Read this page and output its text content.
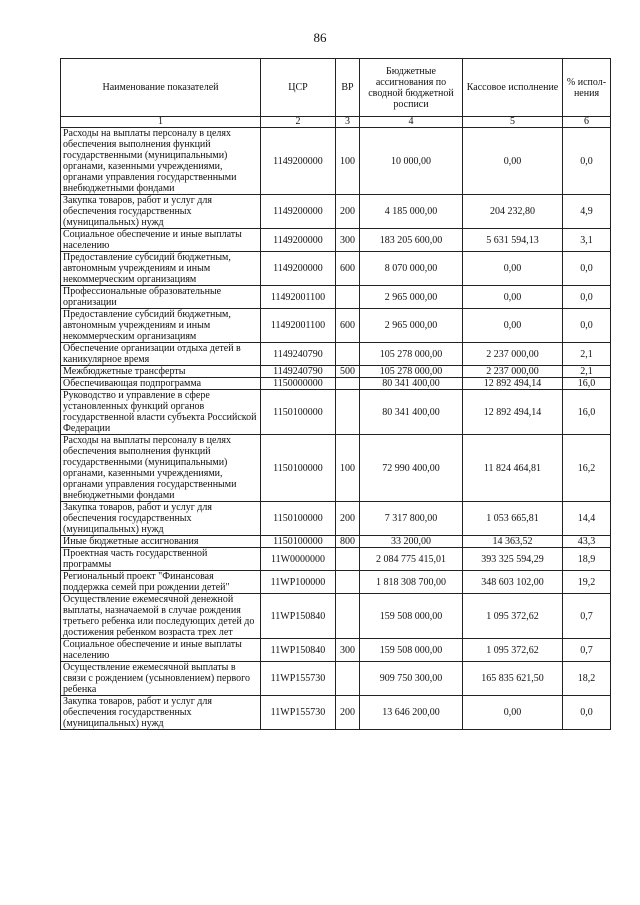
86
Наименование показателей	ЦСР	ВР	Бюджетные ассигнования по сводной бюджетной росписи	Кассовое исполнение	% испол-нения
1	2	3	4	5	6
Расходы на выплаты персоналу в целях обеспечения выполнения функций государственными (муниципальными) органами, казенными учреждениями, органами управления государственными внебюджетными фондами	1149200000	100	10 000,00	0,00	0,0
Закупка товаров, работ и услуг для обеспечения государственных (муниципальных) нужд	1149200000	200	4 185 000,00	204 232,80	4,9
Социальное обеспечение и иные выплаты населению	1149200000	300	183 205 600,00	5 631 594,13	3,1
Предоставление субсидий бюджетным, автономным учреждениям и иным некоммерческим организациям	1149200000	600	8 070 000,00	0,00	0,0
Профессиональные образовательные организации	11492001100		2 965 000,00	0,00	0,0
Предоставление субсидий бюджетным, автономным учреждениям и иным некоммерческим организациям	11492001100	600	2 965 000,00	0,00	0,0
Обеспечение организации отдыха детей в каникулярное время	1149240790		105 278 000,00	2 237 000,00	2,1
Межбюджетные трансферты	1149240790	500	105 278 000,00	2 237 000,00	2,1
Обеспечивающая подпрограмма	1150000000		80 341 400,00	12 892 494,14	16,0
Руководство и управление в сфере установленных функций органов государственной власти субъекта Российской Федерации	1150100000		80 341 400,00	12 892 494,14	16,0
Расходы на выплаты персоналу в целях обеспечения выполнения функций государственными (муниципальными) органами, казенными учреждениями, органами управления государственными внебюджетными фондами	1150100000	100	72 990 400,00	11 824 464,81	16,2
Закупка товаров, работ и услуг для обеспечения государственных (муниципальных) нужд	1150100000	200	7 317 800,00	1 053 665,81	14,4
Иные бюджетные ассигнования	1150100000	800	33 200,00	14 363,52	43,3
Проектная часть государственной программы	11W0000000		2 084 775 415,01	393 325 594,29	18,9
Региональный проект "Финансовая поддержка семей при рождении детей"	11WP100000		1 818 308 700,00	348 603 102,00	19,2
Осуществление ежемесячной денежной выплаты, назначаемой в случае рождения третьего ребенка или последующих детей до достижения ребенком возраста трех лет	11WP150840		159 508 000,00	1 095 372,62	0,7
Социальное обеспечение и иные выплаты населению	11WP150840	300	159 508 000,00	1 095 372,62	0,7
Осуществление ежемесячной выплаты в связи с рождением (усыновлением) первого ребенка	11WP155730		909 750 300,00	165 835 621,50	18,2
Закупка товаров, работ и услуг для обеспечения государственных (муниципальных) нужд	11WP155730	200	13 646 200,00	0,00	0,0
